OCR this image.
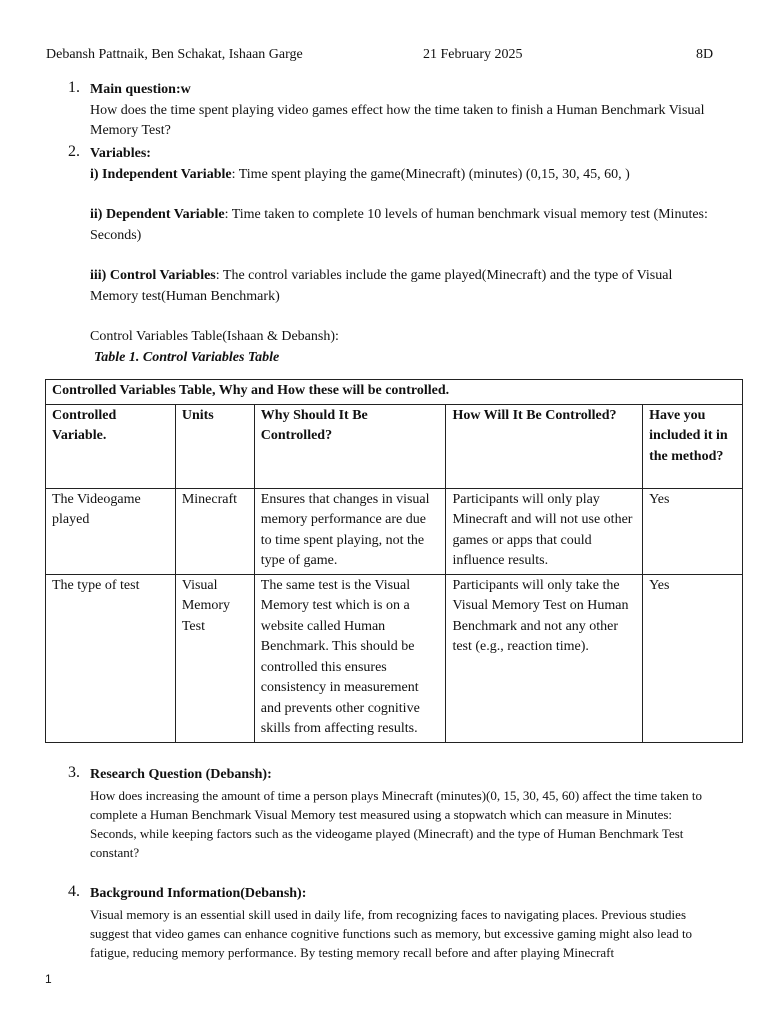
Debansh Pattnaik, Ben Schakat, Ishaan Garge	21 February 2025	8D
1. Main question:w

How does the time spent playing video games effect how the time taken to finish a Human Benchmark Visual Memory Test?

2. Variables:

i) Independent Variable: Time spent playing the game(Minecraft) (minutes) (0,15, 30, 45, 60, )

ii) Dependent Variable: Time taken to complete 10 levels of human benchmark visual memory test (Minutes: Seconds)

iii) Control Variables: The control variables include the game played(Minecraft) and the type of Visual Memory test(Human Benchmark)

Control Variables Table(Ishaan & Debansh):

Table 1. Control Variables Table

Controlled Variables Table, Why and How these will be controlled.				
Controlled Variable.	Units	Why Should It Be Controlled?	How Will It Be Controlled?	Have you included it in the method?
The Videogame played	Minecraft	Ensures that changes in visual memory performance are due to time spent playing, not the type of game.	Participants will only play Minecraft and will not use other games or apps that could influence results.	Yes
The type of test	Visual Memory Test	The same test is the Visual Memory test which is on a website called Human Benchmark. This should be controlled this ensures consistency in measurement and prevents other cognitive skills from affecting results.	Participants will only take the Visual Memory Test on Human Benchmark and not any other test (e.g., reaction time).	Yes
3. Research Question (Debansh):

How does increasing the amount of time a person plays Minecraft (minutes)(0, 15, 30, 45, 60) affect the time taken to complete a Human Benchmark Visual Memory test measured using a stopwatch which can measure in Minutes: Seconds, while keeping factors such as the videogame played (Minecraft) and the type of Human Benchmark Test constant?

4. Background Information(Debansh):

Visual memory is an essential skill used in daily life, from recognizing faces to navigating places. Previous studies suggest that video games can enhance cognitive functions such as memory, but excessive gaming might also lead to fatigue, reducing memory performance. By testing memory recall before and after playing Minecraft

1
